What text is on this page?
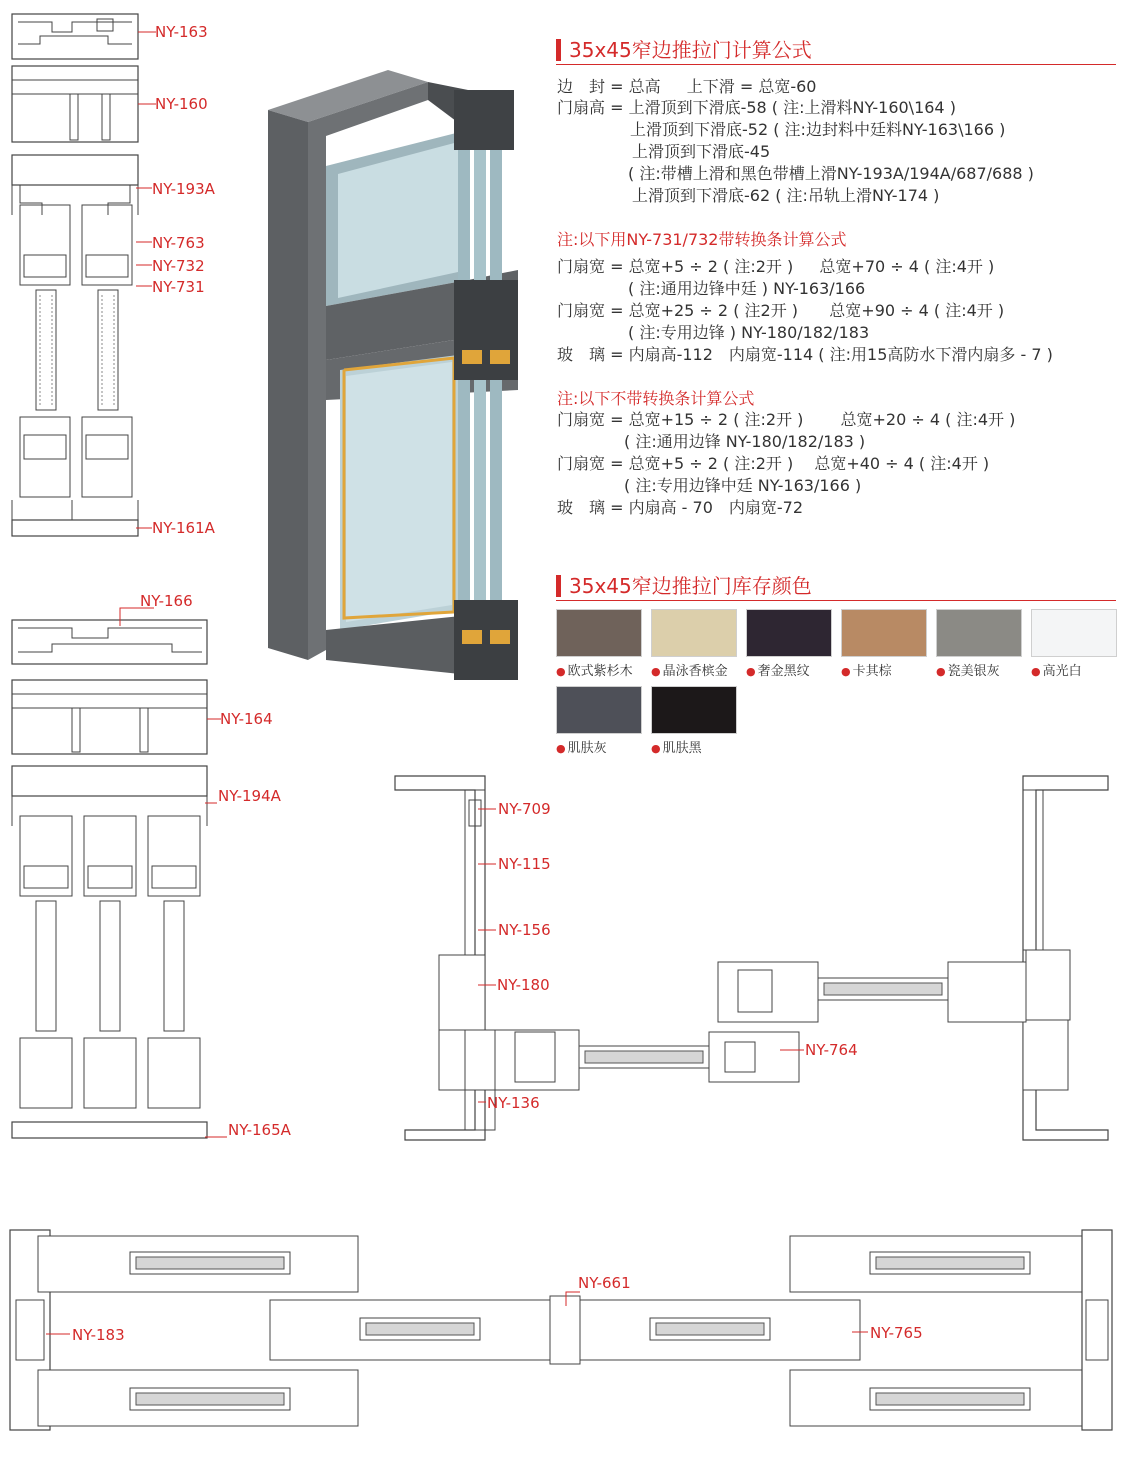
NY-163
NY-160
NY-193A
NY-763
NY-732
NY-731
NY-161A
NY-166
NY-164
NY-194A
NY-165A
35x45窄边推拉门计算公式
边　封 = 总高　  上下滑 = 总宽-60
门扇高 = 上滑顶到下滑底-58 ( 注:上滑料NY-160\164 )
上滑顶到下滑底-52 ( 注:边封料中廷料NY-163\166 )
上滑顶到下滑底-45
( 注:带槽上滑和黑色带槽上滑NY-193A/194A/687/688 )
上滑顶到下滑底-62 ( 注:吊轨上滑NY-174 )
注:以下用NY-731/732带转换条计算公式
门扇宽 = 总宽+5 ÷ 2 ( 注:2开 )　  总宽+70 ÷ 4 ( 注:4开 )
( 注:通用边锋中廷 ) NY-163/166
门扇宽 = 总宽+25 ÷ 2 ( 注2开 )　   总宽+90 ÷ 4 ( 注:4开 )
( 注:专用边锋 ) NY-180/182/183
玻　璃 = 内扇高-112　内扇宽-114 ( 注:用15高防水下滑内扇多 - 7 )
注:以下不带转换条计算公式
门扇宽 = 总宽+15 ÷ 2 ( 注:2开 )　　 总宽+20 ÷ 4 ( 注:4开 )
( 注:通用边锋 NY-180/182/183 )
门扇宽 = 总宽+5 ÷ 2 ( 注:2开 )　 总宽+40 ÷ 4 ( 注:4开 )
( 注:专用边锋中廷 NY-163/166 )
玻　璃 = 内扇高 - 70　内扇宽-72
35x45窄边推拉门库存颜色
● 欧式紫杉木 ● 晶泳香槟金 ● 奢金黑纹	● 卡其棕	● 瓷美银灰	● 高光白
● 肌肤灰	● 肌肤黑
NY-709
NY-115
NY-156
NY-180
NY-136
NY-764
NY-661
NY-183	NY-765
